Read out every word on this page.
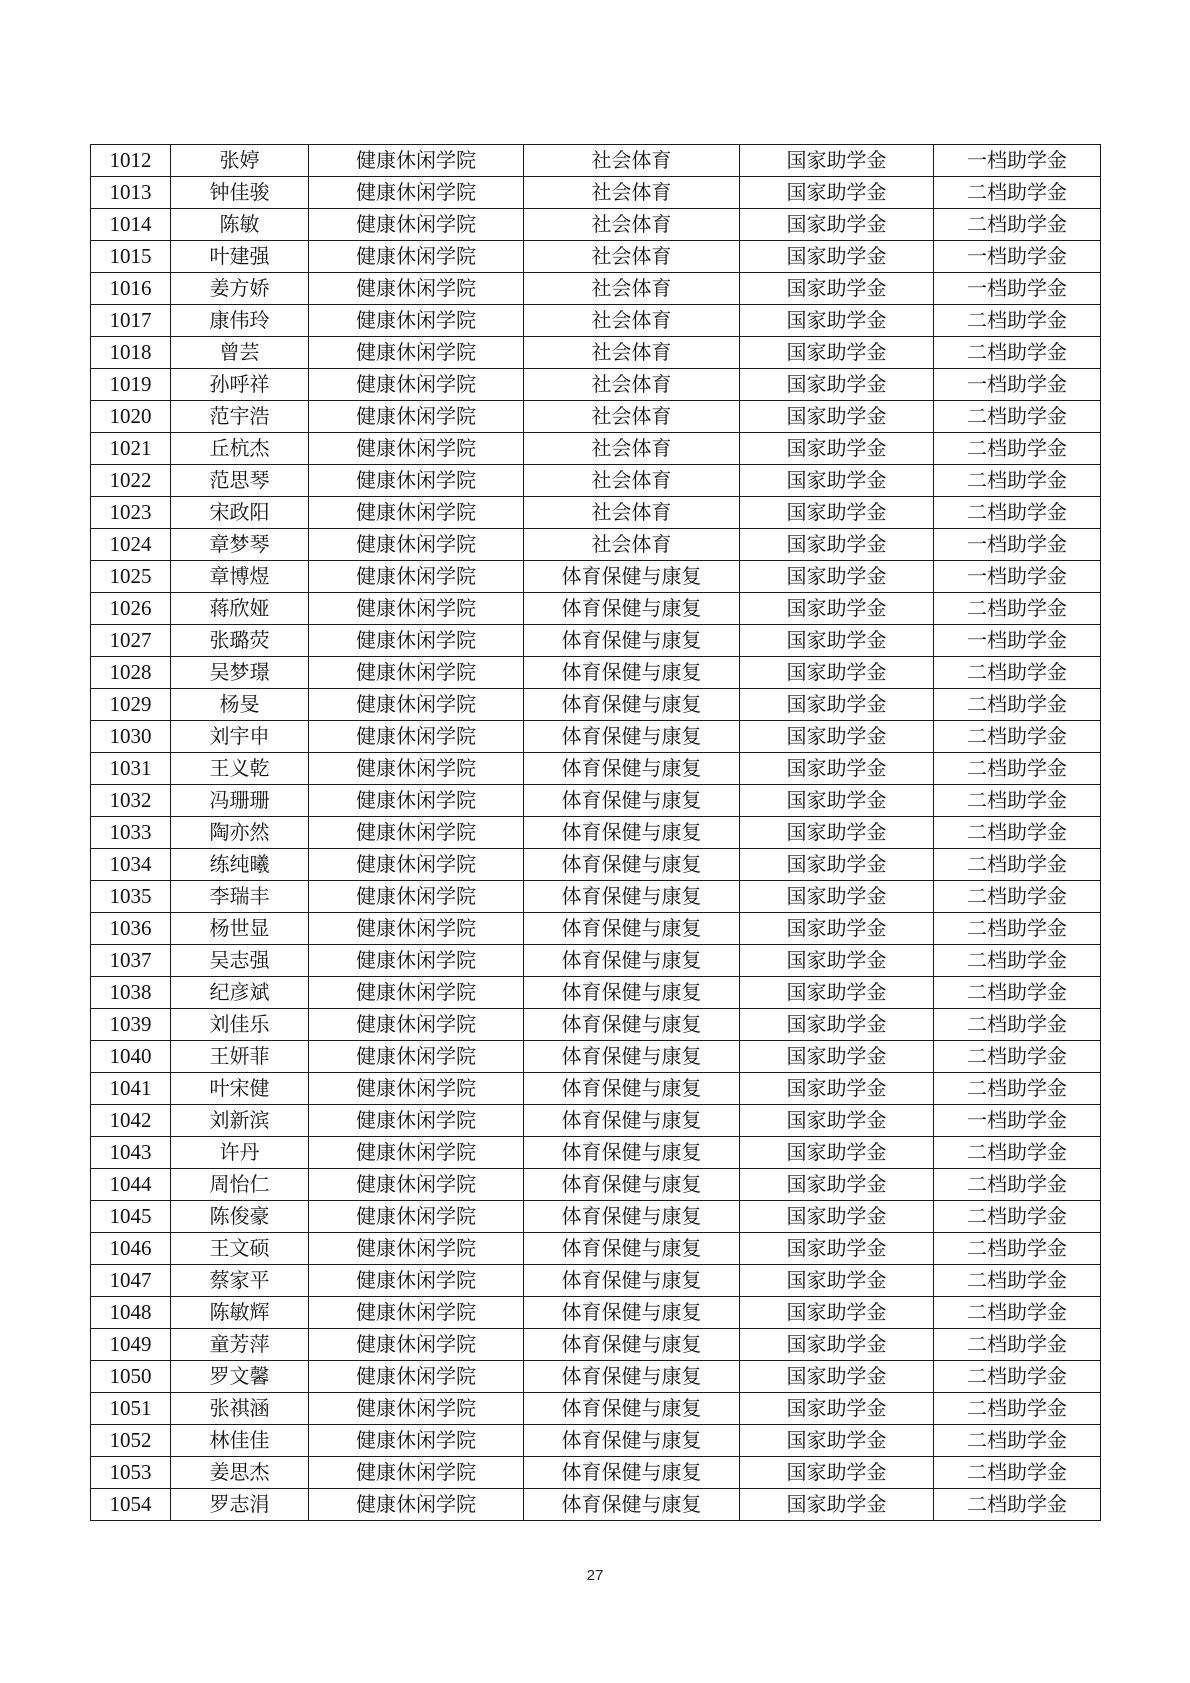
1012	张婷	健康休闲学院	社会体育	国家助学金	一档助学金
1013	钟佳骏	健康休闲学院	社会体育	国家助学金	二档助学金
1014	陈敏	健康休闲学院	社会体育	国家助学金	二档助学金
1015	叶建强	健康休闲学院	社会体育	国家助学金	一档助学金
1016	姜方娇	健康休闲学院	社会体育	国家助学金	一档助学金
1017	康伟玲	健康休闲学院	社会体育	国家助学金	二档助学金
1018	曾芸	健康休闲学院	社会体育	国家助学金	二档助学金
1019	孙呼祥	健康休闲学院	社会体育	国家助学金	一档助学金
1020	范宇浩	健康休闲学院	社会体育	国家助学金	二档助学金
1021	丘杭杰	健康休闲学院	社会体育	国家助学金	二档助学金
1022	范思琴	健康休闲学院	社会体育	国家助学金	二档助学金
1023	宋政阳	健康休闲学院	社会体育	国家助学金	二档助学金
1024	章梦琴	健康休闲学院	社会体育	国家助学金	一档助学金
1025	章博煜	健康休闲学院	体育保健与康复	国家助学金	一档助学金
1026	蒋欣娅	健康休闲学院	体育保健与康复	国家助学金	二档助学金
1027	张璐荧	健康休闲学院	体育保健与康复	国家助学金	一档助学金
1028	吴梦璟	健康休闲学院	体育保健与康复	国家助学金	二档助学金
1029	杨旻	健康休闲学院	体育保健与康复	国家助学金	二档助学金
1030	刘宇申	健康休闲学院	体育保健与康复	国家助学金	二档助学金
1031	王义乾	健康休闲学院	体育保健与康复	国家助学金	二档助学金
1032	冯珊珊	健康休闲学院	体育保健与康复	国家助学金	二档助学金
1033	陶亦然	健康休闲学院	体育保健与康复	国家助学金	二档助学金
1034	练纯曦	健康休闲学院	体育保健与康复	国家助学金	二档助学金
1035	李瑞丰	健康休闲学院	体育保健与康复	国家助学金	二档助学金
1036	杨世显	健康休闲学院	体育保健与康复	国家助学金	二档助学金
1037	吴志强	健康休闲学院	体育保健与康复	国家助学金	二档助学金
1038	纪彦斌	健康休闲学院	体育保健与康复	国家助学金	二档助学金
1039	刘佳乐	健康休闲学院	体育保健与康复	国家助学金	二档助学金
1040	王妍菲	健康休闲学院	体育保健与康复	国家助学金	二档助学金
1041	叶宋健	健康休闲学院	体育保健与康复	国家助学金	二档助学金
1042	刘新滨	健康休闲学院	体育保健与康复	国家助学金	一档助学金
1043	许丹	健康休闲学院	体育保健与康复	国家助学金	二档助学金
1044	周怡仁	健康休闲学院	体育保健与康复	国家助学金	二档助学金
1045	陈俊豪	健康休闲学院	体育保健与康复	国家助学金	二档助学金
1046	王文硕	健康休闲学院	体育保健与康复	国家助学金	二档助学金
1047	蔡家平	健康休闲学院	体育保健与康复	国家助学金	二档助学金
1048	陈敏辉	健康休闲学院	体育保健与康复	国家助学金	二档助学金
1049	童芳萍	健康休闲学院	体育保健与康复	国家助学金	二档助学金
1050	罗文馨	健康休闲学院	体育保健与康复	国家助学金	二档助学金
1051	张祺涵	健康休闲学院	体育保健与康复	国家助学金	二档助学金
1052	林佳佳	健康休闲学院	体育保健与康复	国家助学金	二档助学金
1053	姜思杰	健康休闲学院	体育保健与康复	国家助学金	二档助学金
1054	罗志涓	健康休闲学院	体育保健与康复	国家助学金	二档助学金
27
